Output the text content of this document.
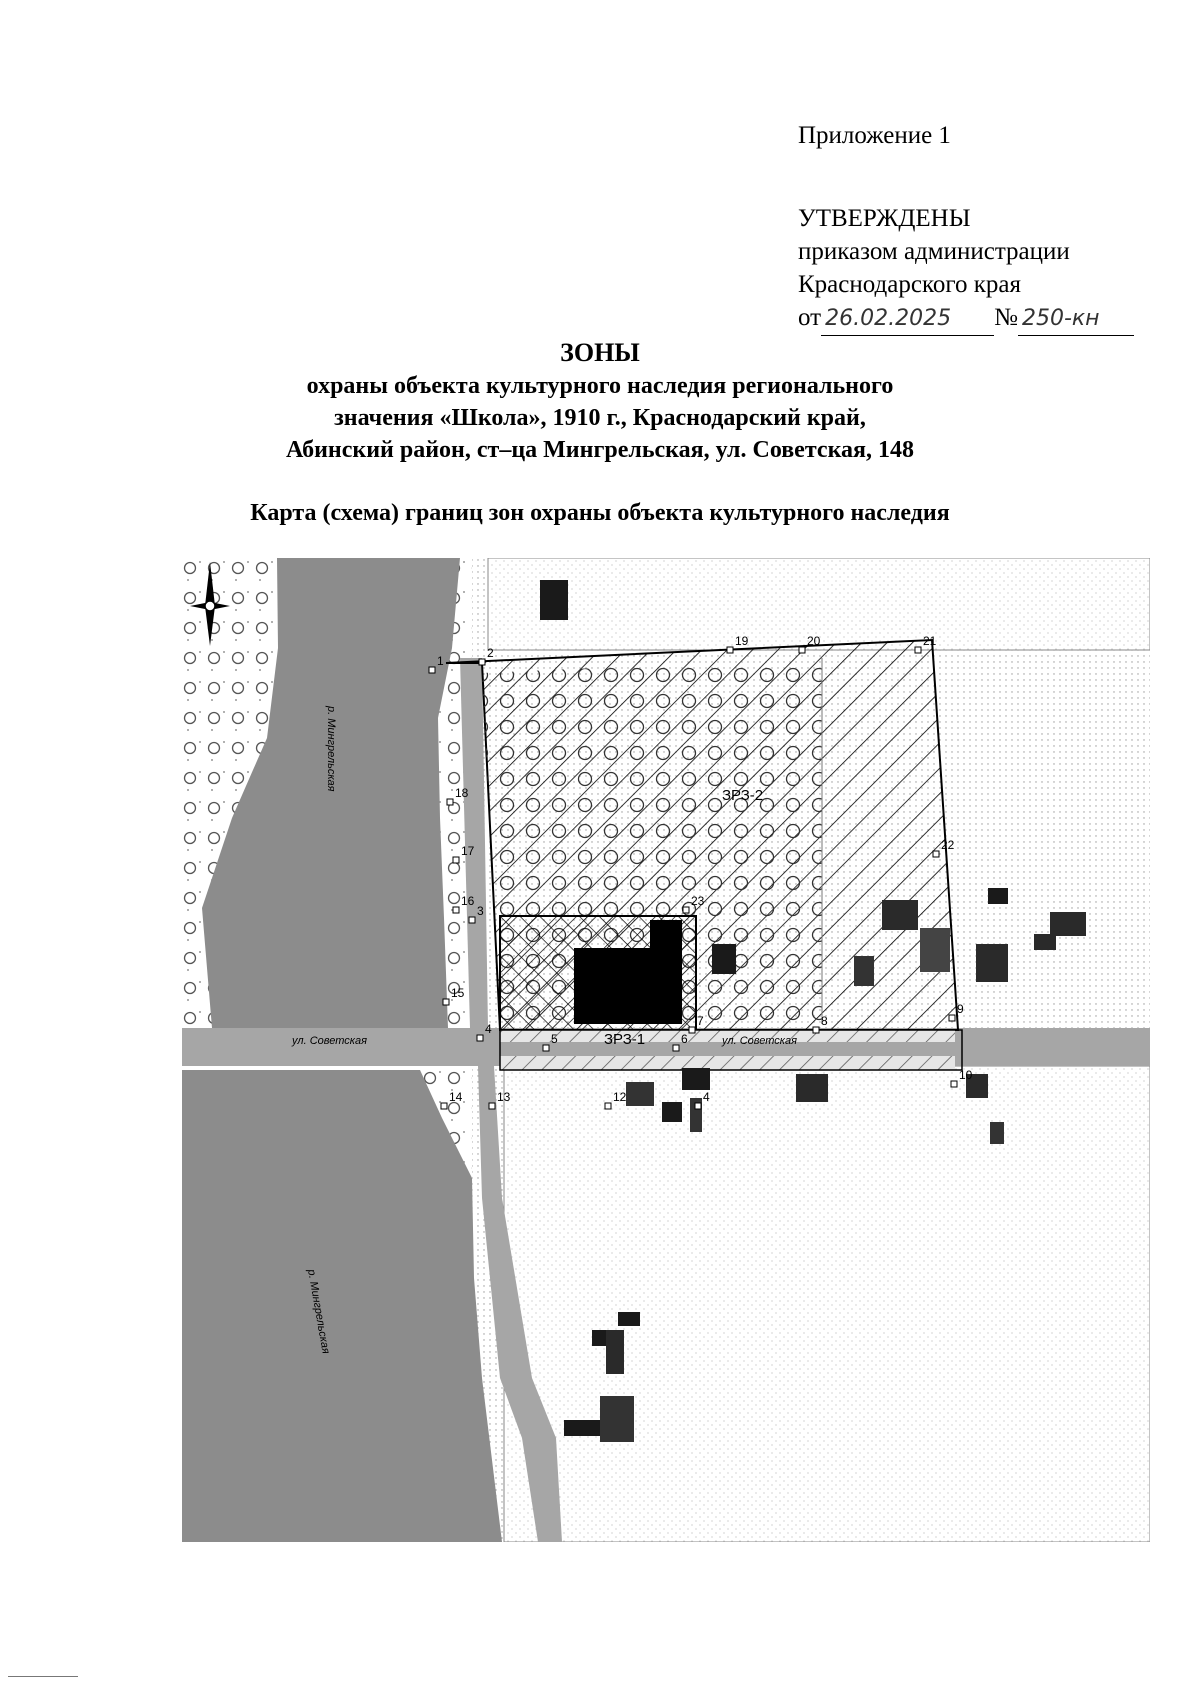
Приложение 1
УТВЕРЖДЕНЫ
приказом администрации
Краснодарского края
от 26.02.2025 № 250-кн
ЗОНЫ
охраны объекта культурного наследия регионального
значения «Школа», 1910 г., Краснодарский край,
Абинский район, ст–ца Мингрельская, ул. Советская, 148
Карта (схема) границ зон охраны объекта культурного наследия
ЗРЗ-2
ЗРЗ-1	ул. Советская
ул. Советская
р. Мингрельская
р. Мингрельская
1
2
3
4
5	6
7	8
9
10
12
13
14
15
16
17
18
19	20	21
22
23
4
